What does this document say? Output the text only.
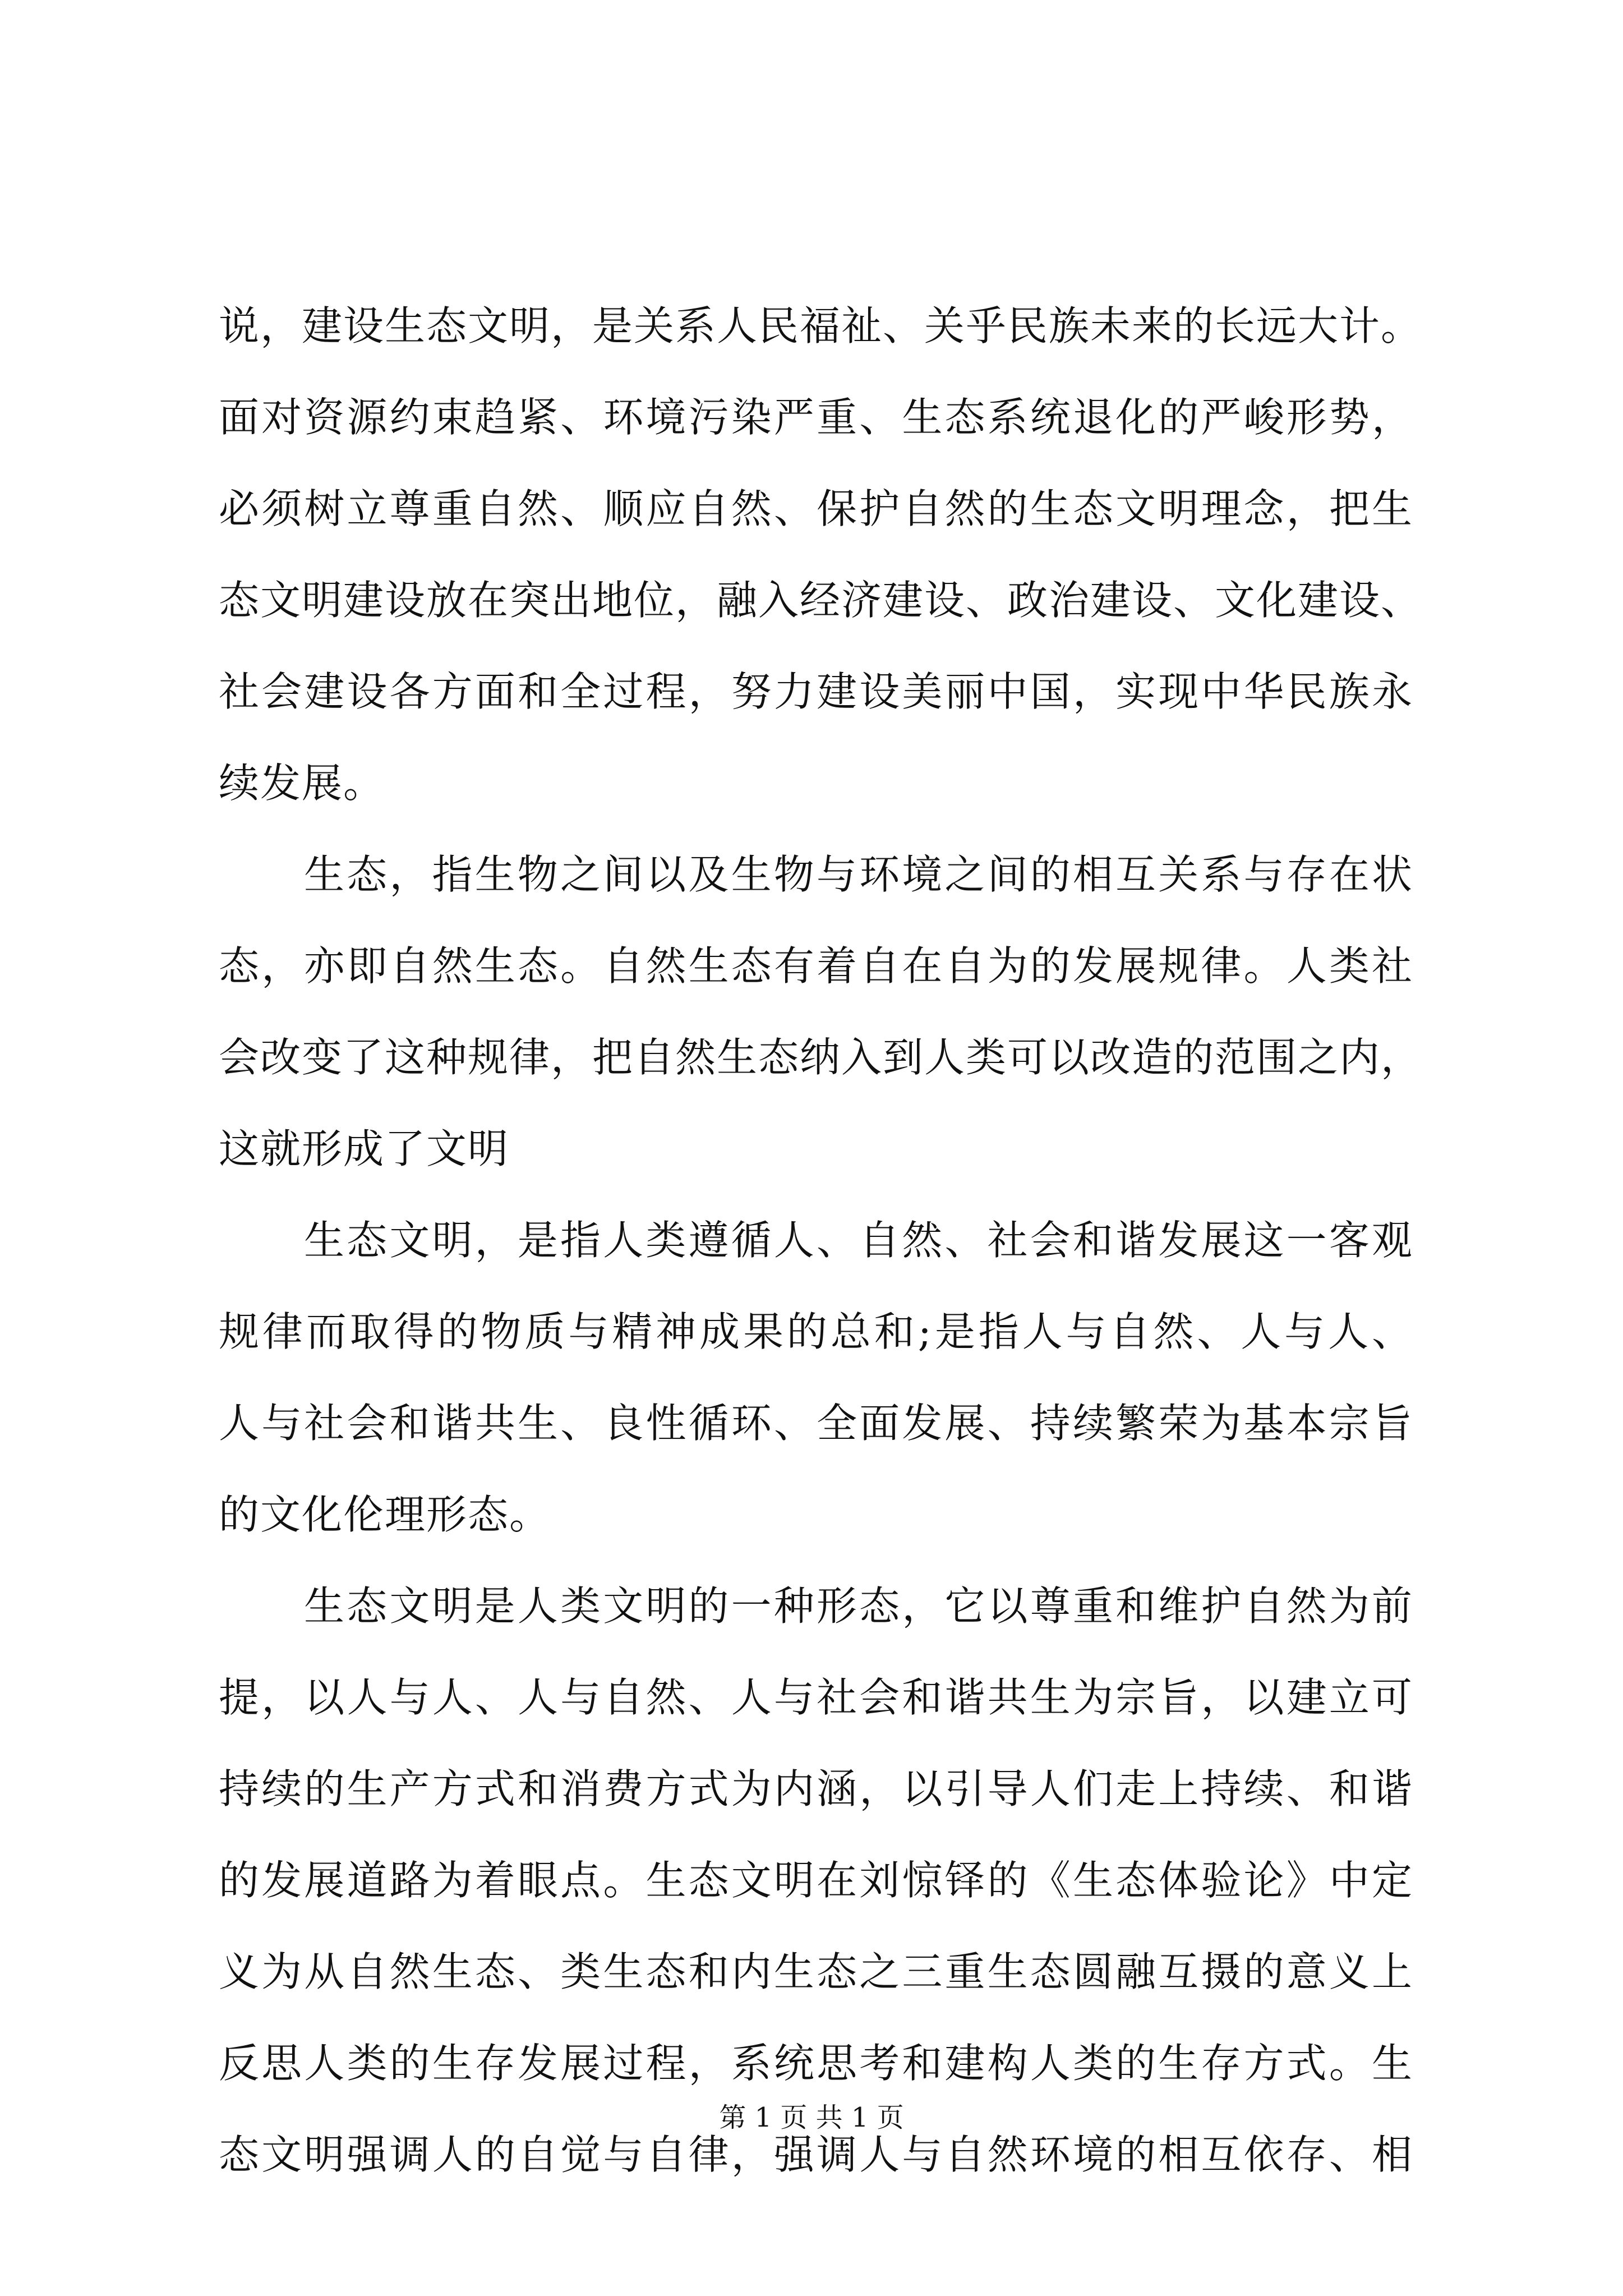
说，建设生态文明，是关系人民福祉、关乎民族未来的长远大计。
面对资源约束趋紧、环境污染严重、生态系统退化的严峻形势，
必须树立尊重自然、顺应自然、保护自然的生态文明理念，把生
态文明建设放在突出地位，融入经济建设、政治建设、文化建设、
社会建设各方面和全过程，努力建设美丽中国，实现中华民族永
续发展。
生态，指生物之间以及生物与环境之间的相互关系与存在状
态，亦即自然生态。自然生态有着自在自为的发展规律。人类社
会改变了这种规律，把自然生态纳入到人类可以改造的范围之内，
这就形成了文明
生态文明，是指人类遵循人、自然、社会和谐发展这一客观
规律而取得的物质与精神成果的总和;是指人与自然、人与人、
人与社会和谐共生、良性循环、全面发展、持续繁荣为基本宗旨
的文化伦理形态。
生态文明是人类文明的一种形态，它以尊重和维护自然为前
提，以人与人、人与自然、人与社会和谐共生为宗旨，以建立可
持续的生产方式和消费方式为内涵，以引导人们走上持续、和谐
的发展道路为着眼点。生态文明在刘惊铎的《生态体验论》中定
义为从自然生态、类生态和内生态之三重生态圆融互摄的意义上
反思人类的生存发展过程，系统思考和建构人类的生存方式。生
态文明强调人的自觉与自律，强调人与自然环境的相互依存、相
第 1 页 共 1 页
